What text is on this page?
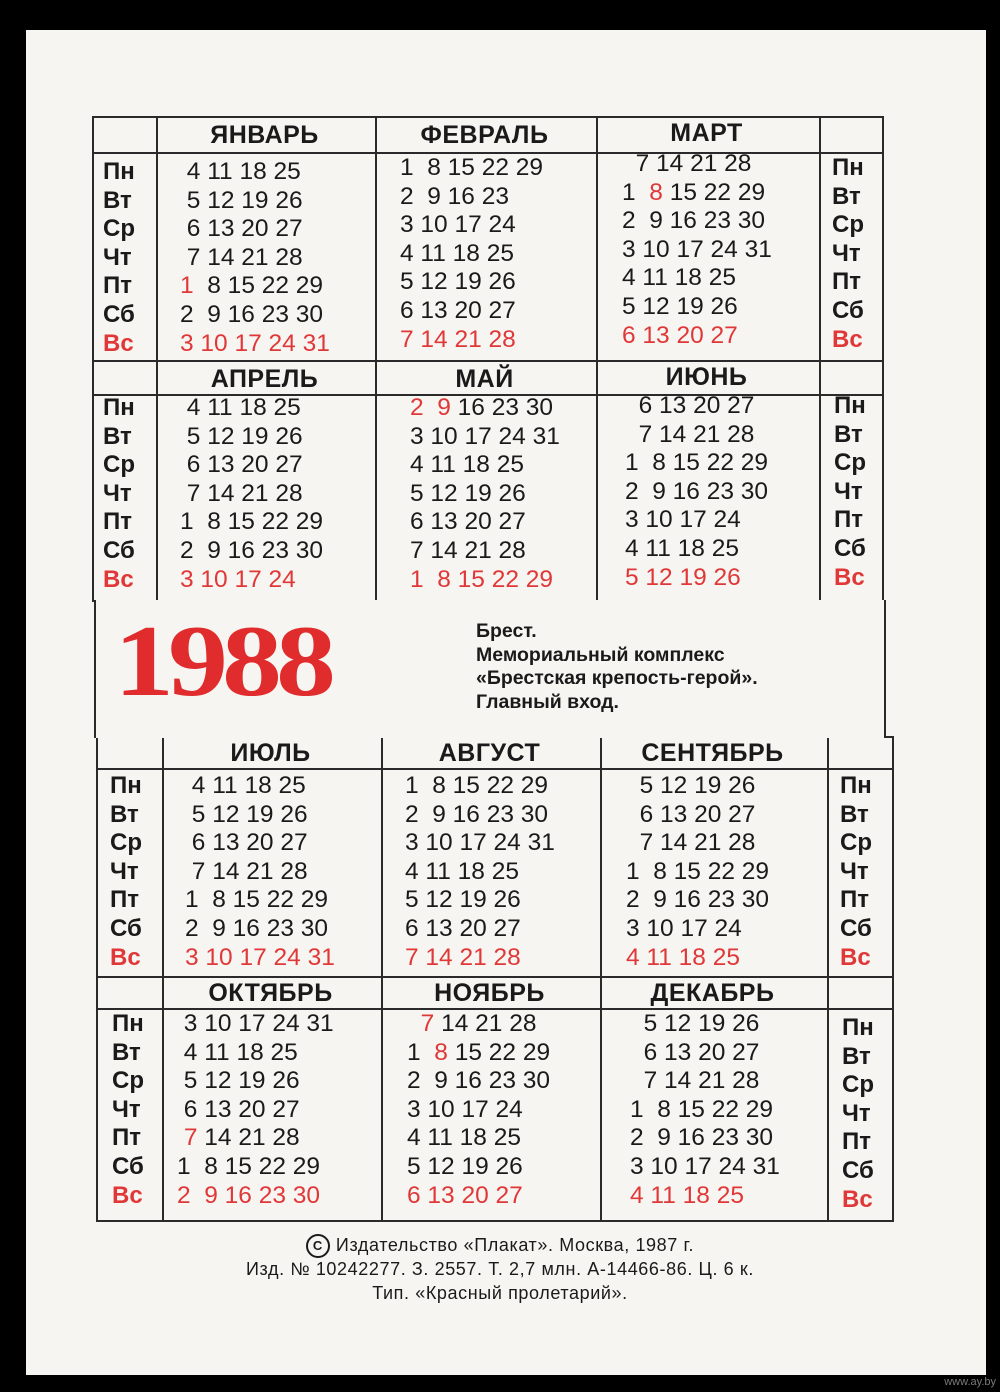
1988	Брест.
Мемориальный комплекс
«Брестская крепость-герой».
Главный вход.
Пн
Вт
Ср
Чт
Пт
Сб
Вс
Пн
Вт
Ср
Чт
Пт
Сб
Вс
Пн
Вт
Ср
Чт
Пт
Сб
Вс
Пн
Вт
Ср
Чт
Пт
Сб
Вс
Пн
Вт
Ср
Чт
Пт
Сб
Вс
Пн
Вт
Ср
Чт
Пт
Сб
Вс
Пн
Вт
Ср
Чт
Пт
Сб
Вс
Пн
Вт
Ср
Чт
Пт
Сб
Вс
ЯНВАРЬ
4 11 18 25
5 12 19 26
6 13 20 27
7 14 21 28
1  8 15 22 29
2  9 16 23 30
3 10 17 24 31
ФЕВРАЛЬ
1  8 15 22 29
2  9 16 23
3 10 17 24
4 11 18 25
5 12 19 26
6 13 20 27
7 14 21 28
МАРТ
7 14 21 28
1  8 15 22 29
2  9 16 23 30
3 10 17 24 31
4 11 18 25
5 12 19 26
6 13 20 27
АПРЕЛЬ
4 11 18 25
5 12 19 26
6 13 20 27
7 14 21 28
1  8 15 22 29
2  9 16 23 30
3 10 17 24
МАЙ
2  9 16 23 30
3 10 17 24 31
4 11 18 25
5 12 19 26
6 13 20 27
7 14 21 28
1  8 15 22 29
ИЮНЬ
6 13 20 27
7 14 21 28
1  8 15 22 29
2  9 16 23 30
3 10 17 24
4 11 18 25
5 12 19 26
ИЮЛЬ
4 11 18 25
5 12 19 26
6 13 20 27
7 14 21 28
1  8 15 22 29
2  9 16 23 30
3 10 17 24 31
АВГУСТ
1  8 15 22 29
2  9 16 23 30
3 10 17 24 31
4 11 18 25
5 12 19 26
6 13 20 27
7 14 21 28
СЕНТЯБРЬ
5 12 19 26
6 13 20 27
7 14 21 28
1  8 15 22 29
2  9 16 23 30
3 10 17 24
4 11 18 25
ОКТЯБРЬ
3 10 17 24 31
4 11 18 25
5 12 19 26
6 13 20 27
7 14 21 28
1  8 15 22 29
2  9 16 23 30
НОЯБРЬ
7 14 21 28
1  8 15 22 29
2  9 16 23 30
3 10 17 24
4 11 18 25
5 12 19 26
6 13 20 27
ДЕКАБРЬ
5 12 19 26
6 13 20 27
7 14 21 28
1  8 15 22 29
2  9 16 23 30
3 10 17 24 31
4 11 18 25
C Издательство «Плакат». Москва, 1987 г.
Изд. № 10242277. З. 2557. Т. 2,7 млн. А-14466-86. Ц. 6 к.
Тип. «Красный пролетарий».
www.ay.by
